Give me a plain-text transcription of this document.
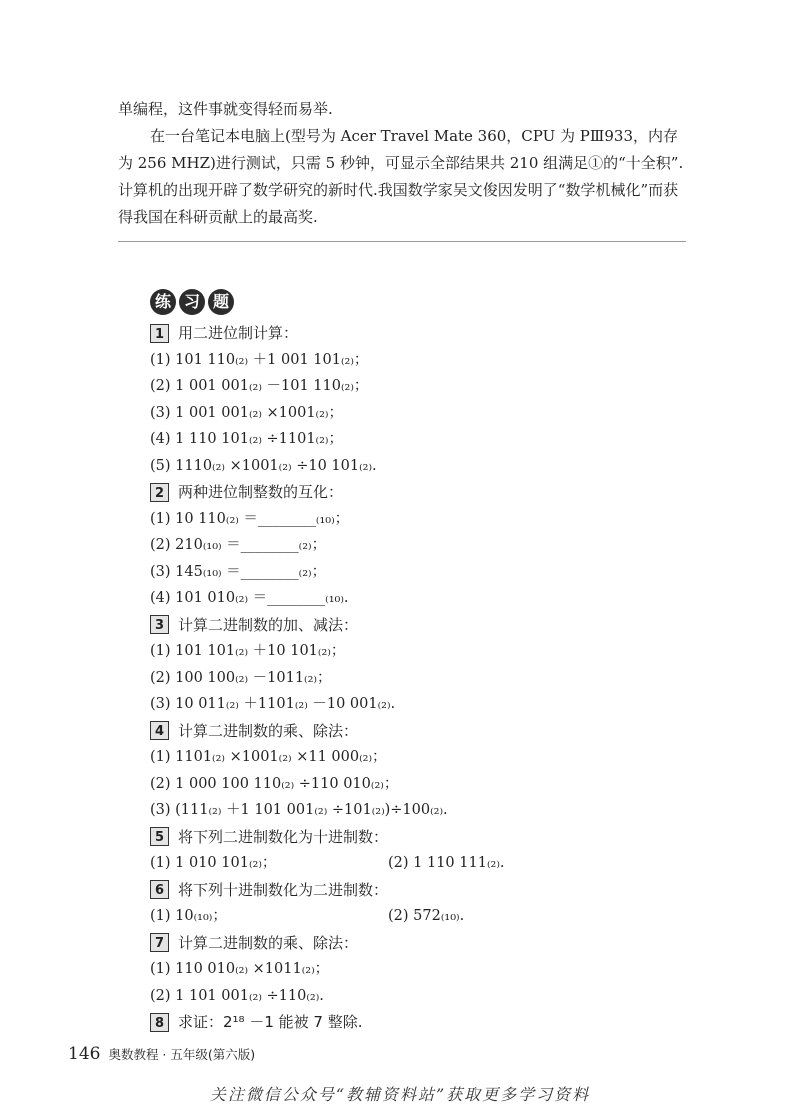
单编程，这件事就变得轻而易举.

在一台笔记本电脑上(型号为 Acer Travel Mate 360，CPU 为 PⅢ933，内存为 256 MHZ)进行测试，只需 5 秒钟，可显示全部结果共 210 组满足①的“十全积”.计算机的出现开辟了数学研究的新时代.我国数学家吴文俊因发明了“数学机械化”而获得我国在科研贡献上的最高奖.

练 习 题
1 用二进位制计算：
(1) 101 110₍₂₎ ＋1 001 101₍₂₎；
(2) 1 001 001₍₂₎ －101 110₍₂₎；
(3) 1 001 001₍₂₎ ×1001₍₂₎；
(4) 1 110 101₍₂₎ ÷1101₍₂₎；
(5) 1110₍₂₎ ×1001₍₂₎ ÷10 101₍₂₎.
2 两种进位制整数的互化：
(1) 10 110₍₂₎ ＝________₍₁₀₎；
(2) 210₍₁₀₎ ＝________₍₂₎；
(3) 145₍₁₀₎ ＝________₍₂₎；
(4) 101 010₍₂₎ ＝________₍₁₀₎.
3 计算二进制数的加、减法：
(1) 101 101₍₂₎ ＋10 101₍₂₎；
(2) 100 100₍₂₎ －1011₍₂₎；
(3) 10 011₍₂₎ ＋1101₍₂₎ －10 001₍₂₎.
4 计算二进制数的乘、除法：
(1) 1101₍₂₎ ×1001₍₂₎ ×11 000₍₂₎；
(2) 1 000 100 110₍₂₎ ÷110 010₍₂₎；
(3) (111₍₂₎ ＋1 101 001₍₂₎ ÷101₍₂₎)÷100₍₂₎.
5 将下列二进制数化为十进制数：
(1) 1 010 101₍₂₎；	(2) 1 110 111₍₂₎.
6 将下列十进制数化为二进制数：
(1) 10₍₁₀₎；	(2) 572₍₁₀₎.
7 计算二进制数的乘、除法：
(1) 110 010₍₂₎ ×1011₍₂₎；
(2) 1 101 001₍₂₎ ÷110₍₂₎.
8 求证：2¹⁸ －1 能被 7 整除.
146 奥数教程 · 五年级(第六版)
关注微信公众号“教辅资料站”获取更多学习资料
